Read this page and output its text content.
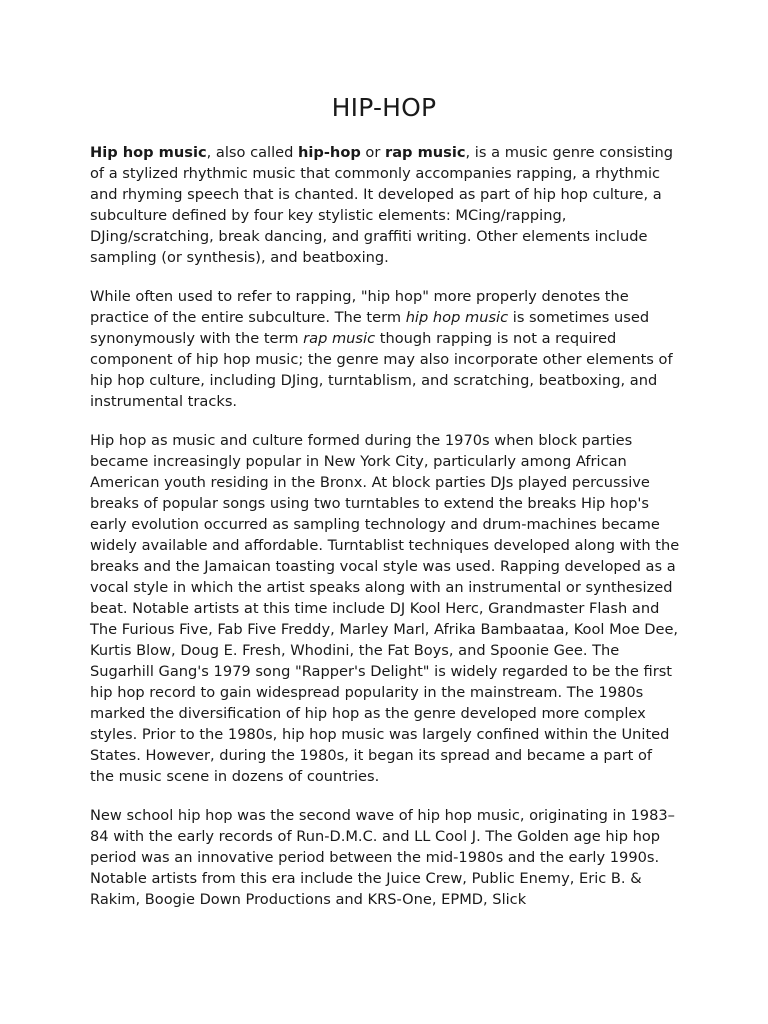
HIP-HOP

Hip hop music, also called hip-hop or rap music, is a music genre consisting of a stylized rhythmic music that commonly accompanies rapping, a rhythmic and rhyming speech that is chanted. It developed as part of hip hop culture, a subculture defined by four key stylistic elements: MCing/rapping, DJing/scratching, break dancing, and graffiti writing. Other elements include sampling (or synthesis), and beatboxing.

While often used to refer to rapping, "hip hop" more properly denotes the practice of the entire subculture. The term hip hop music is sometimes used synonymously with the term rap music though rapping is not a required component of hip hop music; the genre may also incorporate other elements of hip hop culture, including DJing, turntablism, and scratching, beatboxing, and instrumental tracks.

Hip hop as music and culture formed during the 1970s when block parties became increasingly popular in New York City, particularly among African American youth residing in the Bronx. At block parties DJs played percussive breaks of popular songs using two turntables to extend the breaks Hip hop's early evolution occurred as sampling technology and drum-machines became widely available and affordable. Turntablist techniques developed along with the breaks and the Jamaican toasting vocal style was used. Rapping developed as a vocal style in which the artist speaks along with an instrumental or synthesized beat. Notable artists at this time include DJ Kool Herc, Grandmaster Flash and The Furious Five, Fab Five Freddy, Marley Marl, Afrika Bambaataa, Kool Moe Dee, Kurtis Blow, Doug E. Fresh, Whodini, the Fat Boys, and Spoonie Gee. The Sugarhill Gang's 1979 song "Rapper's Delight" is widely regarded to be the first hip hop record to gain widespread popularity in the mainstream. The 1980s marked the diversification of hip hop as the genre developed more complex styles. Prior to the 1980s, hip hop music was largely confined within the United States. However, during the 1980s, it began its spread and became a part of the music scene in dozens of countries.

New school hip hop was the second wave of hip hop music, originating in 1983–84 with the early records of Run-D.M.C. and LL Cool J. The Golden age hip hop period was an innovative period between the mid-1980s and the early 1990s. Notable artists from this era include the Juice Crew, Public Enemy, Eric B. & Rakim, Boogie Down Productions and KRS-One, EPMD, Slick
